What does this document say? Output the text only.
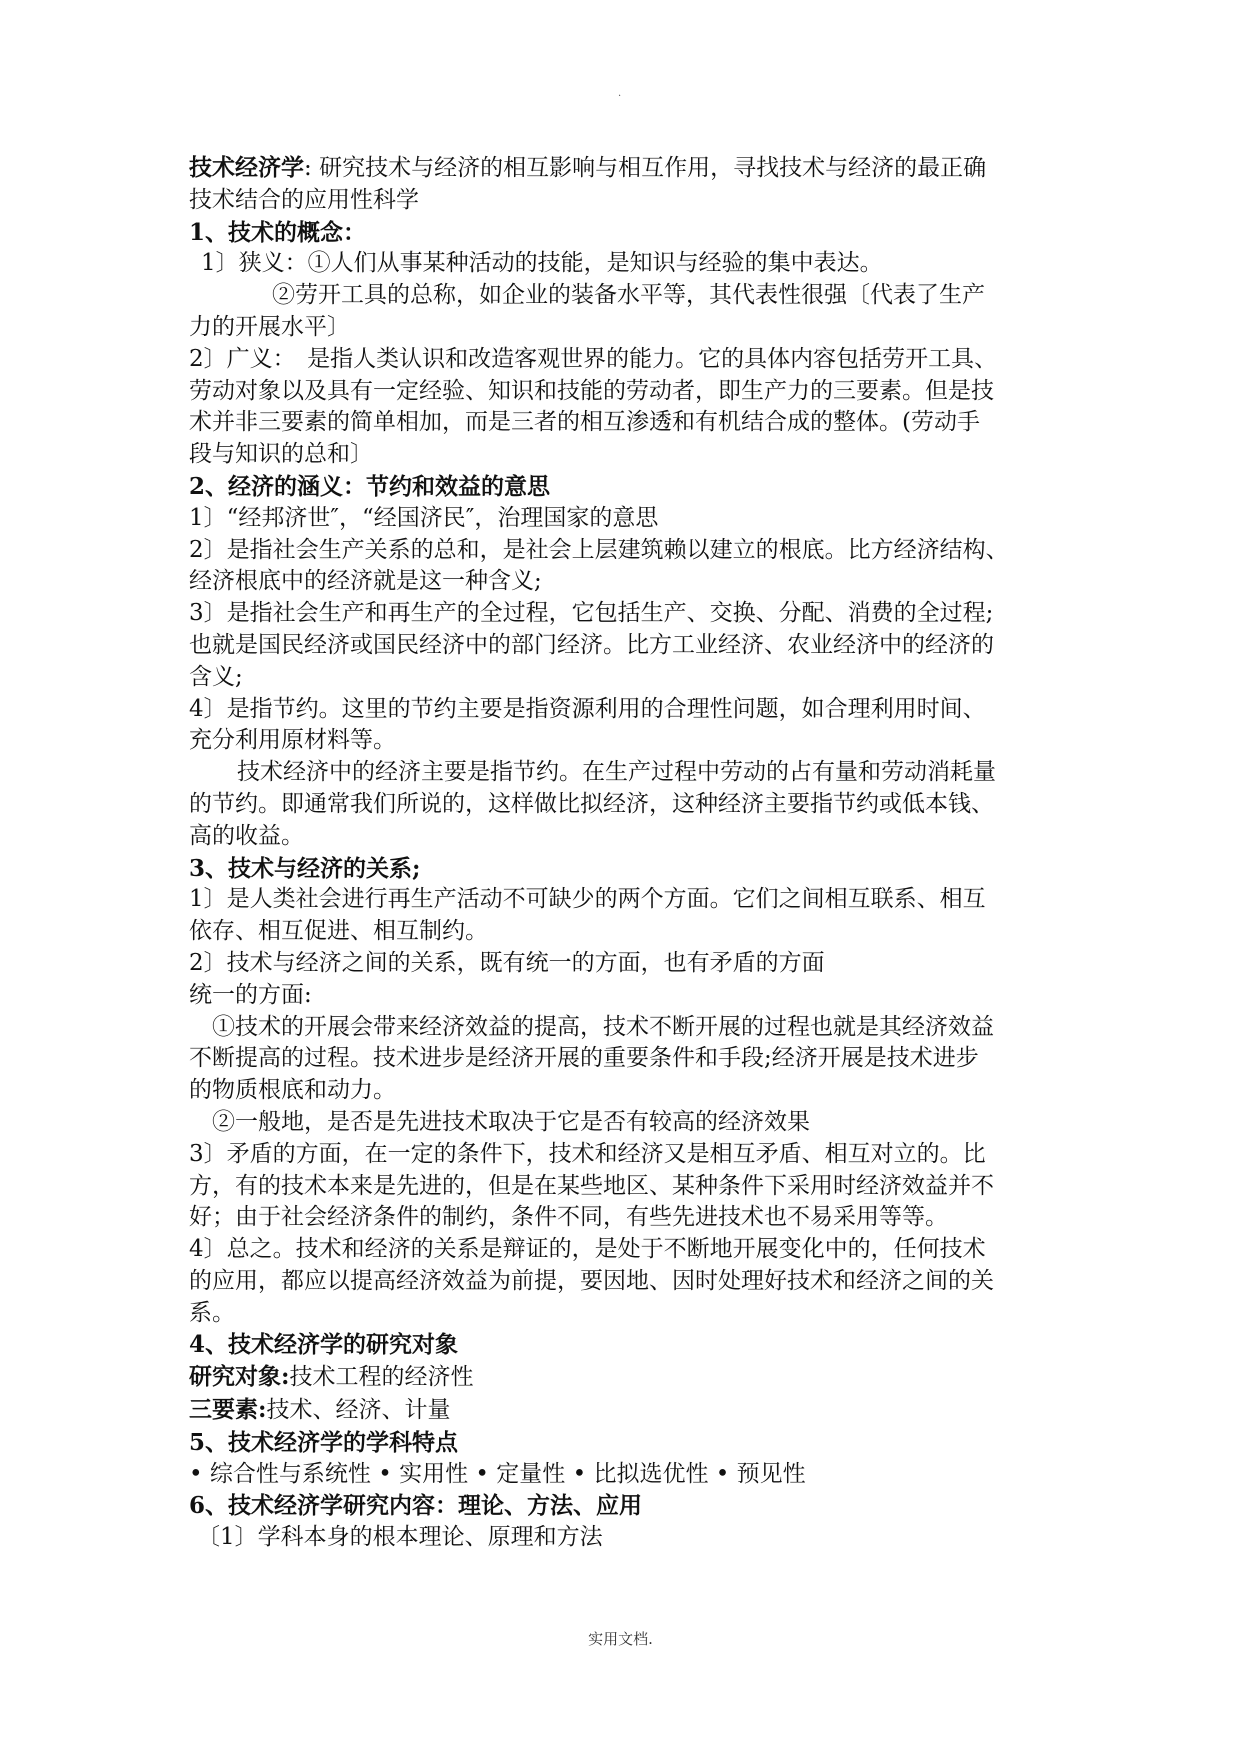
.
技术经济学: 研究技术与经济的相互影响与相互作用，寻找技术与经济的最正确
技术结合的应用性科学
1、技术的概念：
1〕狭义：①人们从事某种活动的技能，是知识与经验的集中表达。
②劳开工具的总称，如企业的装备水平等，其代表性很强〔代表了生产
力的开展水平〕
2〕广义：　是指人类认识和改造客观世界的能力。它的具体内容包括劳开工具、
劳动对象以及具有一定经验、知识和技能的劳动者，即生产力的三要素。但是技
术并非三要素的简单相加，而是三者的相互渗透和有机结合成的整体。(劳动手
段与知识的总和〕
2、经济的涵义：节约和效益的意思
1〕“经邦济世″，“经国济民″，治理国家的意思
2〕是指社会生产关系的总和，是社会上层建筑赖以建立的根底。比方经济结构、
经济根底中的经济就是这一种含义;
3〕是指社会生产和再生产的全过程，它包括生产、交换、分配、消费的全过程;
也就是国民经济或国民经济中的部门经济。比方工业经济、农业经济中的经济的
含义;
4〕是指节约。这里的节约主要是指资源利用的合理性问题，如合理利用时间、
充分利用原材料等。
技术经济中的经济主要是指节约。在生产过程中劳动的占有量和劳动消耗量
的节约。即通常我们所说的，这样做比拟经济，这种经济主要指节约或低本钱、
高的收益。
3、技术与经济的关系;
1〕是人类社会进行再生产活动不可缺少的两个方面。它们之间相互联系、相互
依存、相互促进、相互制约。
2〕技术与经济之间的关系，既有统一的方面，也有矛盾的方面
统一的方面:
①技术的开展会带来经济效益的提高，技术不断开展的过程也就是其经济效益
不断提高的过程。技术进步是经济开展的重要条件和手段;经济开展是技术进步
的物质根底和动力。
②一般地，是否是先进技术取决于它是否有较高的经济效果
3〕矛盾的方面，在一定的条件下，技术和经济又是相互矛盾、相互对立的。比
方，有的技术本来是先进的，但是在某些地区、某种条件下采用时经济效益并不
好；由于社会经济条件的制约，条件不同，有些先进技术也不易采用等等。
4〕总之。技术和经济的关系是辩证的，是处于不断地开展变化中的，任何技术
的应用，都应以提高经济效益为前提，要因地、因时处理好技术和经济之间的关
系。
4、技术经济学的研究对象
研究对象:技术工程的经济性
三要素:技术、经济、计量
5、技术经济学的学科特点
• 综合性与系统性 • 实用性 • 定量性 • 比拟选优性 • 预见性
6、技术经济学研究内容：理论、方法、应用
〔1〕学科本身的根本理论、原理和方法
实用文档.
